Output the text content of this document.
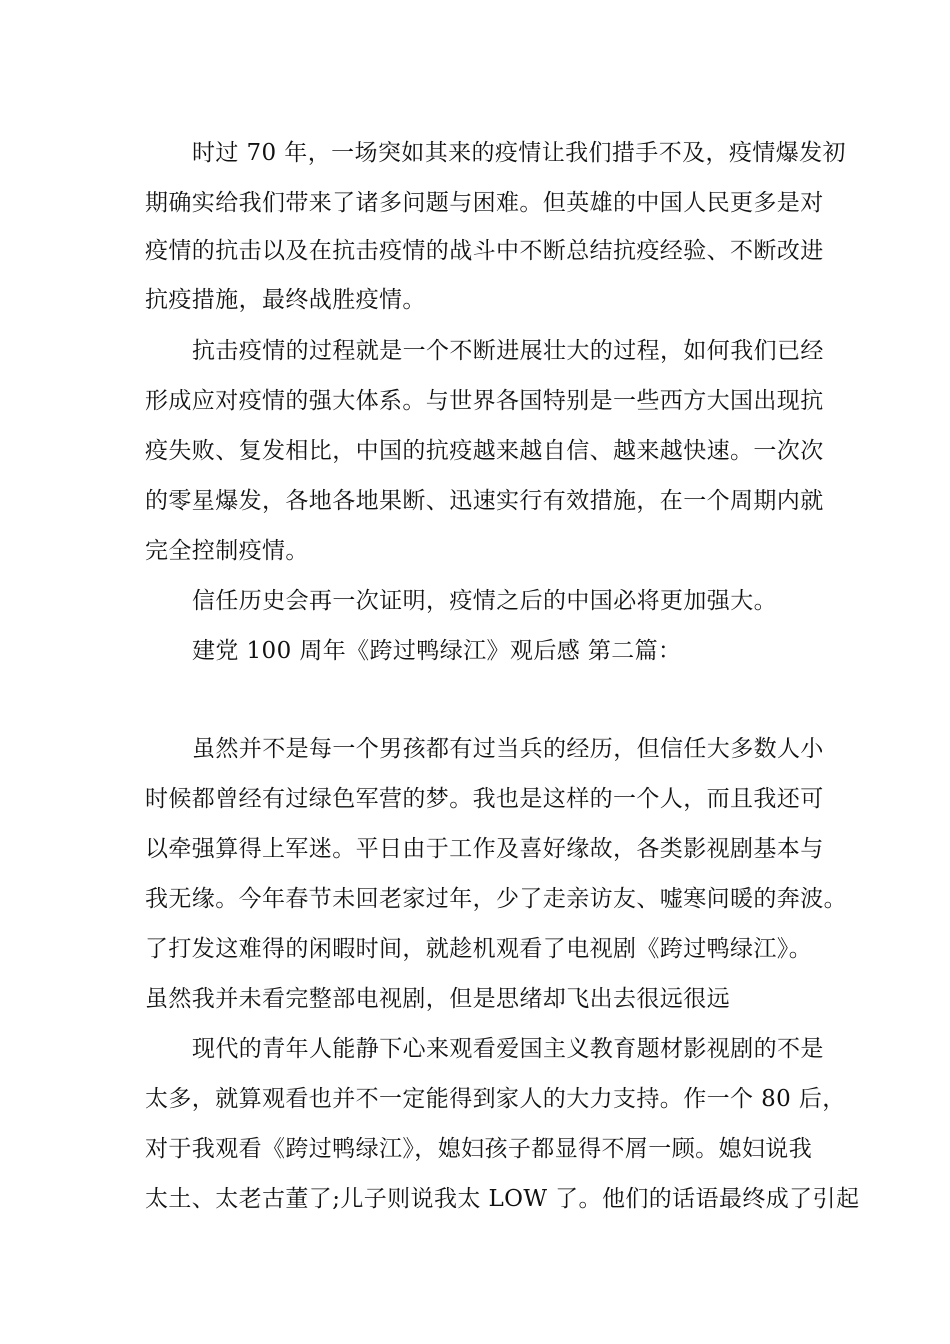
时过 70 年，一场突如其来的疫情让我们措手不及，疫情爆发初
期确实给我们带来了诸多问题与困难。但英雄的中国人民更多是对
疫情的抗击以及在抗击疫情的战斗中不断总结抗疫经验、不断改进
抗疫措施，最终战胜疫情。
抗击疫情的过程就是一个不断进展壮大的过程，如何我们已经
形成应对疫情的强大体系。与世界各国特别是一些西方大国出现抗
疫失败、复发相比，中国的抗疫越来越自信、越来越快速。一次次
的零星爆发，各地各地果断、迅速实行有效措施，在一个周期内就
完全控制疫情。
信任历史会再一次证明，疫情之后的中国必将更加强大。
建党 100 周年《跨过鸭绿江》观后感 第二篇：
虽然并不是每一个男孩都有过当兵的经历，但信任大多数人小
时候都曾经有过绿色军营的梦。我也是这样的一个人，而且我还可
以牵强算得上军迷。平日由于工作及喜好缘故，各类影视剧基本与
我无缘。今年春节未回老家过年，少了走亲访友、嘘寒问暖的奔波。
了打发这难得的闲暇时间，就趁机观看了电视剧《跨过鸭绿江》。
虽然我并未看完整部电视剧，但是思绪却飞出去很远很远
现代的青年人能静下心来观看爱国主义教育题材影视剧的不是
太多，就算观看也并不一定能得到家人的大力支持。作一个 80 后，
对于我观看《跨过鸭绿江》，媳妇孩子都显得不屑一顾。媳妇说我
太土、太老古董了;儿子则说我太 LOW 了。他们的话语最终成了引起
